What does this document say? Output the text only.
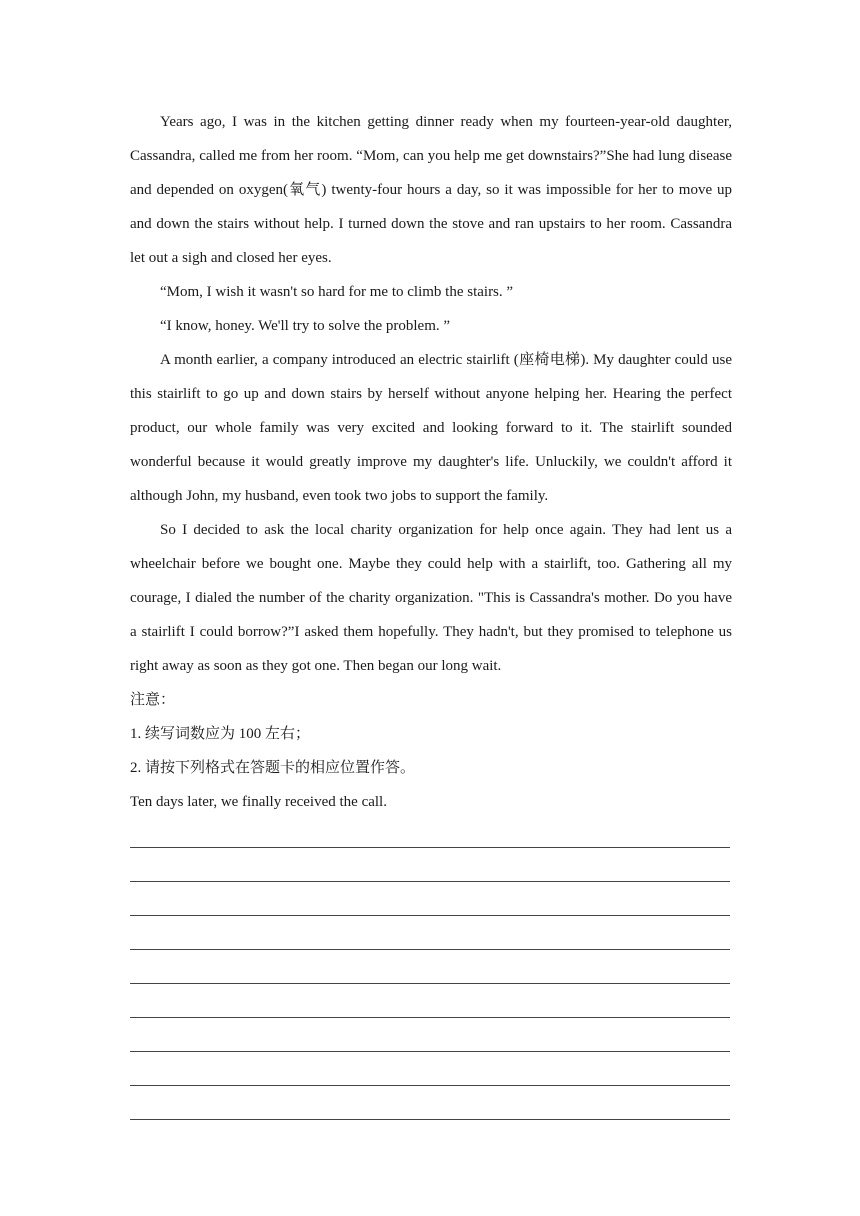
Years ago, I was in the kitchen getting dinner ready when my fourteen-year-old daughter, Cassandra, called me from her room. “Mom, can you help me get downstairs?”She had lung disease and depended on oxygen(氧气) twenty-four hours a day, so it was impossible for her to move up and down the stairs without help. I turned down the stove and ran upstairs to her room. Cassandra let out a sigh and closed her eyes.

“Mom, I wish it wasn't so hard for me to climb the stairs. ”

“I know, honey. We'll try to solve the problem. ”

A month earlier, a company introduced an electric stairlift (座椅电梯). My daughter could use this stairlift to go up and down stairs by herself without anyone helping her. Hearing the perfect product, our whole family was very excited and looking forward to it. The stairlift sounded wonderful because it would greatly improve my daughter's life. Unluckily, we couldn't afford it although John, my husband, even took two jobs to support the family.

So I decided to ask the local charity organization for help once again. They had lent us a wheelchair before we bought one. Maybe they could help with a stairlift, too. Gathering all my courage, I dialed the number of the charity organization. "This is Cassandra's mother. Do you have a stairlift I could borrow?”I asked them hopefully. They hadn't, but they promised to telephone us right away as soon as they got one. Then began our long wait.

注意：

1. 续写词数应为 100 左右；

2. 请按下列格式在答题卡的相应位置作答。

Ten days later, we finally received the call.
